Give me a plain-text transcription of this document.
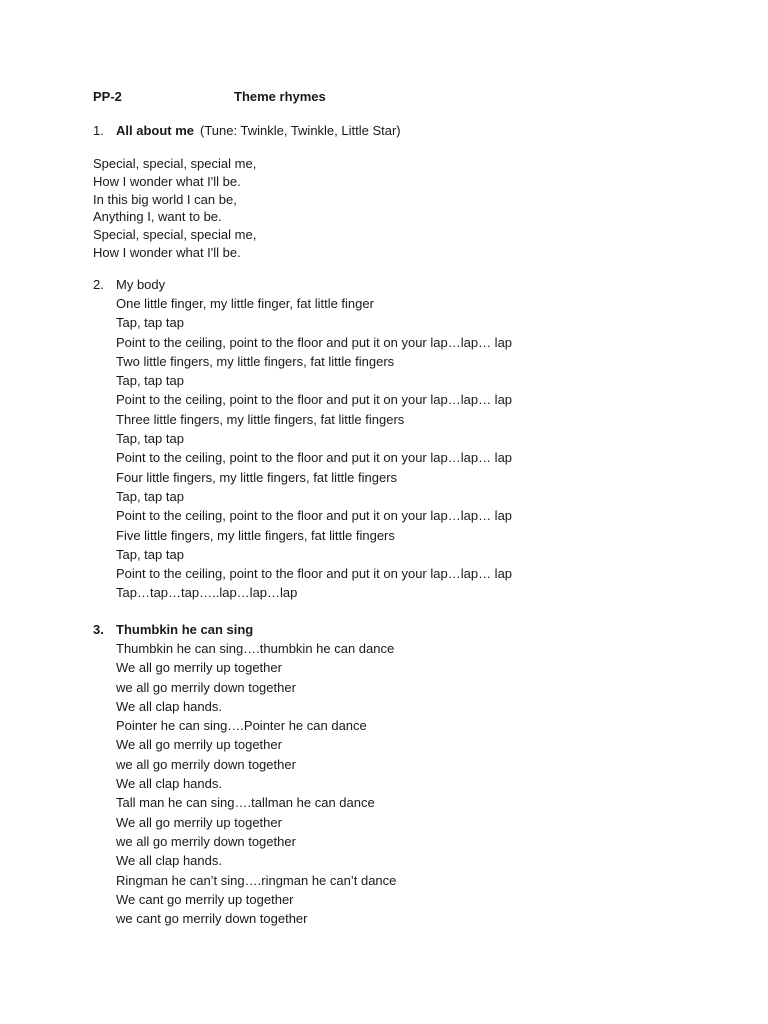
PP-2	Theme rhymes
1. All about me (Tune: Twinkle, Twinkle, Little Star)
Special, special, special me,
How I wonder what I'll be.
In this big world I can be,
Anything I, want to be.
Special, special, special me,
How I wonder what I'll be.
2. My body
One little finger, my little finger, fat little finger
Tap, tap tap
Point to the ceiling, point to the floor and put it on your lap…lap… lap
Two little fingers, my little fingers, fat little fingers
Tap, tap tap
Point to the ceiling, point to the floor and put it on your lap…lap… lap
Three little fingers, my little fingers, fat little fingers
Tap, tap tap
Point to the ceiling, point to the floor and put it on your lap…lap… lap
Four little fingers, my little fingers, fat little fingers
Tap, tap tap
Point to the ceiling, point to the floor and put it on your lap…lap… lap
Five little fingers, my little fingers, fat little fingers
Tap, tap tap
Point to the ceiling, point to the floor and put it on your lap…lap… lap
Tap…tap…tap…..lap…lap…lap
3. Thumbkin he can sing
Thumbkin he can sing….thumbkin he can dance
We all go merrily up together
we all go merrily down together
We all clap hands.
Pointer he can sing….Pointer he can dance
We all go merrily up together
we all go merrily down together
We all clap hands.
Tall man he can sing….tallman he can dance
We all go merrily up together
we all go merrily down together
We all clap hands.
Ringman he can’t sing….ringman he can’t dance
We cant go merrily up together
we cant go merrily down together
